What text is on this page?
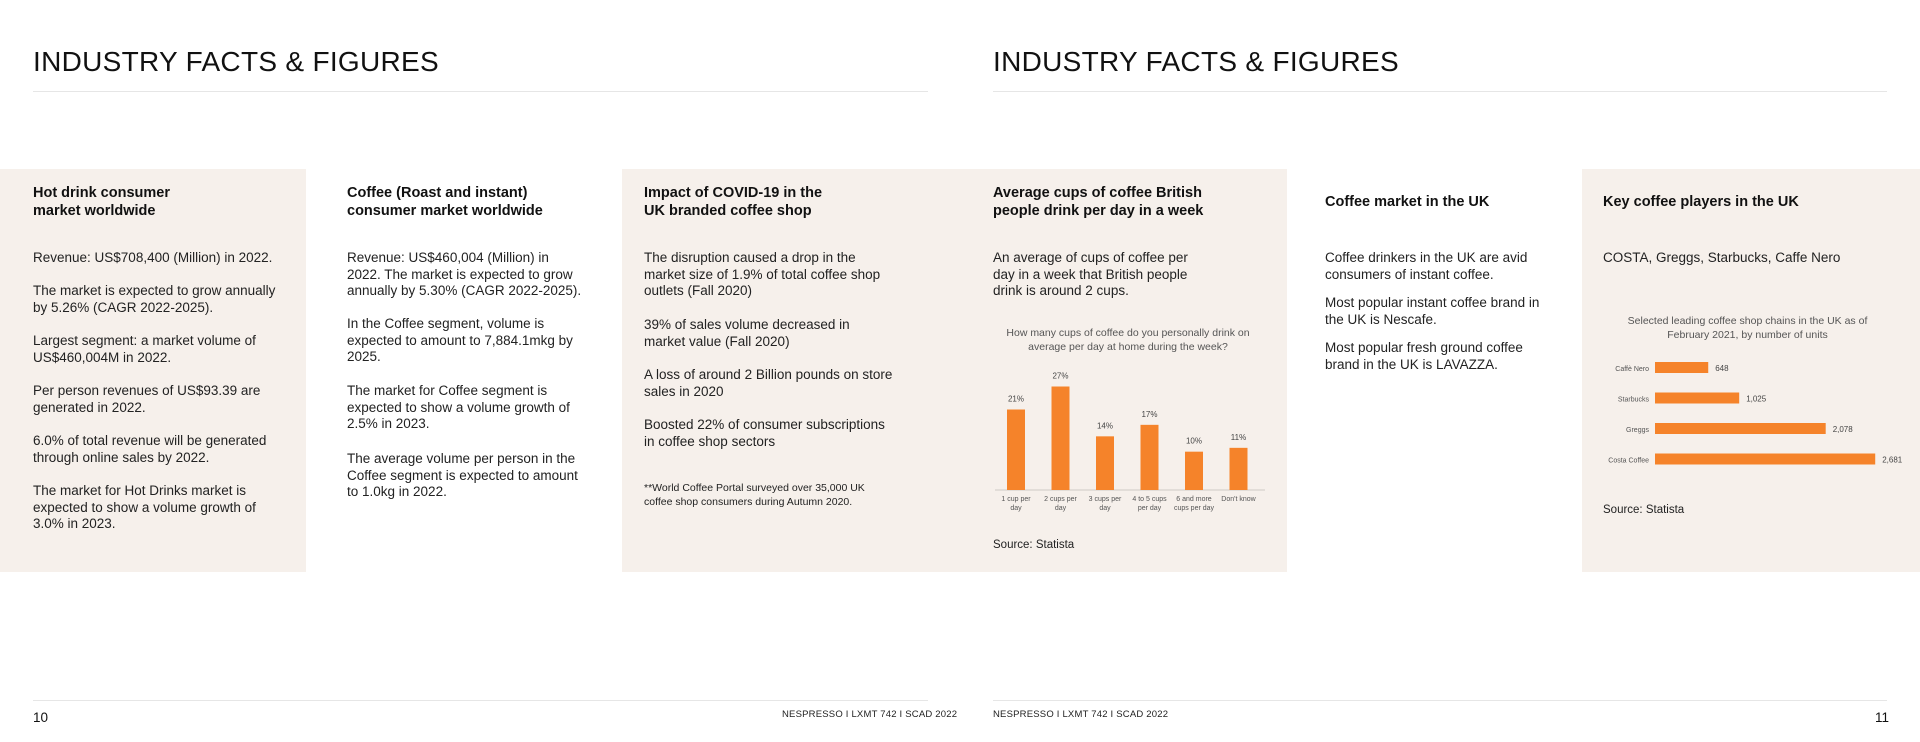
INDUSTRY FACTS & FIGURES	INDUSTRY FACTS & FIGURES
Hot drink consumer
market worldwide

Revenue: US$708,400 (Million) in 2022.

The market is expected to grow annually by 5.26% (CAGR 2022-2025).

Largest segment: a market volume of US$460,004M in 2022.

Per person revenues of US$93.39 are generated in 2022.

6.0% of total revenue will be generated through online sales by 2022.

The market for Hot Drinks market is expected to show a volume growth of 3.0% in 2023.

Coffee (Roast and instant)
consumer market worldwide

Revenue: US$460,004 (Million) in 2022. The market is expected to grow annually by 5.30% (CAGR 2022-2025).

In the Coffee segment, volume is expected to amount to 7,884.1mkg by 2025.

The market for Coffee segment is expected to show a volume growth of 2.5% in 2023.

The average volume per person in the Coffee segment is expected to amount to 1.0kg in 2022.

Impact of COVID-19 in the
UK branded coffee shop

The disruption caused a drop in the market size of 1.9% of total coffee shop outlets (Fall 2020)

39% of sales volume decreased in market value (Fall 2020)

A loss of around 2 Billion pounds on store sales in 2020

Boosted 22% of consumer subscriptions in coffee shop sectors

**World Coffee Portal surveyed over 35,000 UK coffee shop consumers during Autumn 2020.

Average cups of coffee British
people drink per day in a week

An average of cups of coffee per day in a week that British people drink is around 2 cups.

How many cups of coffee do you personally drink on average per day at home during the week?

21%
1 cup per day
27%
2 cups per day
14%
3 cups per day
17%
4 to 5 cups per day
10%
6 and more cups per day
11%
Don't know

Source: Statista

Coffee market in the UK

Coffee drinkers in the UK are avid consumers of instant coffee.

Most popular instant coffee brand in the UK is Nescafe.

Most popular fresh ground coffee brand in the UK is LAVAZZA.

Key coffee players in the UK

COSTA, Greggs, Starbucks, Caffe Nero

Selected leading coffee shop chains in the UK as of February 2021, by number of units

Caffè Nero	648
Starbucks	1,025
Greggs	2,078
Costa Coffee	2,681

Source: Statista

10	NESPRESSO I LXMT 742 I SCAD 2022	NESPRESSO I LXMT 742 I SCAD 2022	11
